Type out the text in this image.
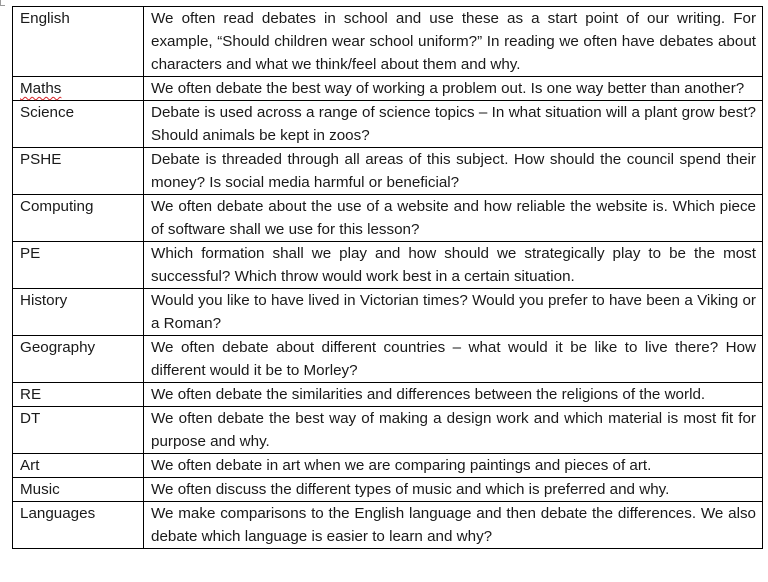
English	We often read debates in school and use these as a start point of our writing. For example, “Should children wear school uniform?” In reading we often have debates about characters and what we think/feel about them and why.
Maths	We often debate the best way of working a problem out. Is one way better than another?
Science	Debate is used across a range of science topics – In what situation will a plant grow best? Should animals be kept in zoos?
PSHE	Debate is threaded through all areas of this subject. How should the council spend their money? Is social media harmful or beneficial?
Computing	We often debate about the use of a website and how reliable the website is. Which piece of software shall we use for this lesson?
PE	Which formation shall we play and how should we strategically play to be the most successful? Which throw would work best in a certain situation.
History	Would you like to have lived in Victorian times? Would you prefer to have been a Viking or a Roman?
Geography	We often debate about different countries – what would it be like to live there? How different would it be to Morley?
RE	We often debate the similarities and differences between the religions of the world.
DT	We often debate the best way of making a design work and which material is most fit for purpose and why.
Art	We often debate in art when we are comparing paintings and pieces of art.
Music	We often discuss the different types of music and which is preferred and why.
Languages	We make comparisons to the English language and then debate the differences. We also debate which language is easier to learn and why?
